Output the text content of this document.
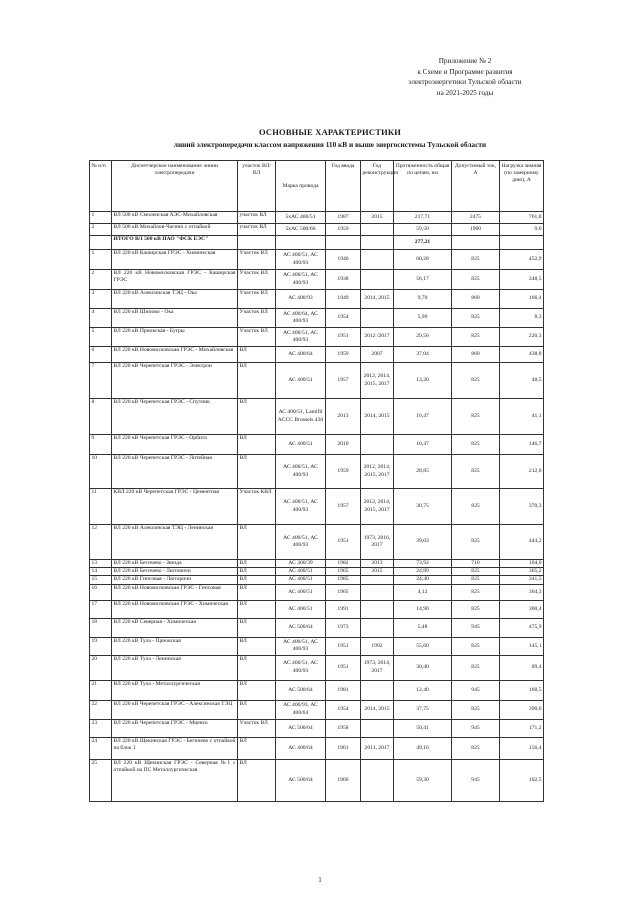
Приложение № 2
к Схеме и Программе развития
электроэнергетики Тульской области
на 2021-2025 годы
ОСНОВНЫЕ ХАРАКТЕРИСТИКИ
линий электропередачи классом напряжения 110 кВ и выше энергосистемы Тульской области
№ п/п	Диспетчерское наименование линии электропередачи	участок ВЛ/ВЛ	Марка провода	Год ввода	Год реконструкции	Протяженность общая по цепям, км	Допустимый ток, А	Нагрузка зимняя (по замерному дню), А
1	ВЛ 500 кВ Смоленская АЭС-Михайловская	участок ВЛ	5хАС 400/51	1987	2015	217,71	2475	761,8
2	ВЛ 500 кВ Михайлов-Чагино с отпайкой	участок ВЛ	5хАС 500/66	1959		59,50	1960	0,0
	ИТОГО ВЛ 500 кВ ПАО "ФСК ЕЭС"					277,21		
1	ВЛ 220 кВ Каширская ГРЭС - Химическая	Участок ВЛ	АС 400/51, АС 400/93	1946		60,28	825	452,9
2	ВЛ 220 кВ Новомосковская ГРЭС - Каширская ГРЭС	Участок ВЛ	АС 400/51, АС 400/93	1938		56,17	825	248,5
3	ВЛ 220 кВ Алексинская ТЭЦ - Ока	Участок ВЛ	АС 400/93	1949	2014, 2015	9,70	860	166,4
4	ВЛ 220 кВ Шипово - Ока	Участок ВЛ	АС 400/64, АС 400/93	1954		5,90	825	8,3
5	ВЛ 220 кВ Приокская - Бугры	Участок ВЛ	АС 400/51, АС 400/93	1951	2012 /2017	29,56	825	220,3
6	ВЛ 220 кВ Новомосковская ГРЭС - Михайловская	ВЛ	АС 400/64	1959	2007	37,04	860	438,8
7	ВЛ 220 кВ Черепетская ГРЭС - Электрон	ВЛ	АС 400/51	1957	2012, 2014, 2015, 2017	13,20	825	48,5
8	ВЛ 220 кВ Черепетская ГРЭС - Спутник	ВЛ	АС 400/51, Lamifil ACCC Brussels 430	2013	2014, 2015	10,47	825	41,1
9	ВЛ 220 кВ Черепетская ГРЭС - Орбита	ВЛ	АС 400/51	2010		10,47	825	146,7
10	ВЛ 220 кВ Черепетская ГРЭС - Литейная	ВЛ	АС 400/51, АС 400/93	1959	2012, 2014, 2015, 2017	28,85	825	212,0
11	КВЛ 220 кВ Черепетская ГРЭС - Цементная	Участок КВЛ	АС 400/51, АС 400/93	1957	2012, 2014, 2015, 2017	30,75	825	370,3
12	ВЛ 220 кВ Алексинская ТЭЦ - Ленинская	ВЛ	АС 400/51, АС 400/93	1951	1973, 2016, 2017	39,03	825	444,2
13	ВЛ 220 кВ Бегичево - Звезда	ВЛ	АС 300/39	1982	2013	73,92	710	104,0
14	ВЛ 220 кВ Бегичево - Лютовичи	ВЛ	АС 400/51	1965	2015	24,89	825	365,2
15	ВЛ 220 кВ Гипсовая - Лютоpичи	ВЛ	АС 400/51	1985		24,40	825	341,5
16	ВЛ 220 кВ Новомосковская ГРЭС - Гипсовая	ВЛ	АС 400/51	1965		4,12	825	364,3
17	ВЛ 220 кВ Новомосковская ГРЭС - Химическая	ВЛ	АС 400/51	1991		14,90	825	300,4
18	ВЛ 220 кВ Северная - Химическая	ВЛ	АС 500/64	1973		5,48	945	475,9
19	ВЛ 220 кВ Тула - Приокская	ВЛ	АС 400/51, АС 400/93	1951	1992	55,60	825	145,1
20	ВЛ 220 кВ Тула - Ленинская	ВЛ	АС 400/51, АС 400/93	1951	1973, 2014, 2017	30,40	825	89,4
21	ВЛ 220 кВ Тула - Металлургическая	ВЛ	АС 500/64	1981		12,40	945	160,5
22	ВЛ 220 кВ Черепетская ГРЭС - Алексинская ТЭЦ	ВЛ	АС 400/93, АС 400/64	1954	2014, 2015	37,75	825	390,6
23	ВЛ 220 кВ Черепетская ГРЭС - Мценск	Участок ВЛ	АС 500/64	1958		50,41	945	171,2
24	ВЛ 220 кВ Щекинская ГРЭС - Бегичево с отпайкой на блок 1	ВЛ	АС 400/64	1961	2011, 2017	49,16	825	156,4
25	ВЛ 220 кВ Щекинская ГРЭС - Северная №1 с отпайкой на ПС Металлургическая	ВЛ	АС 500/64	1966		59,30	945	102,5
1
